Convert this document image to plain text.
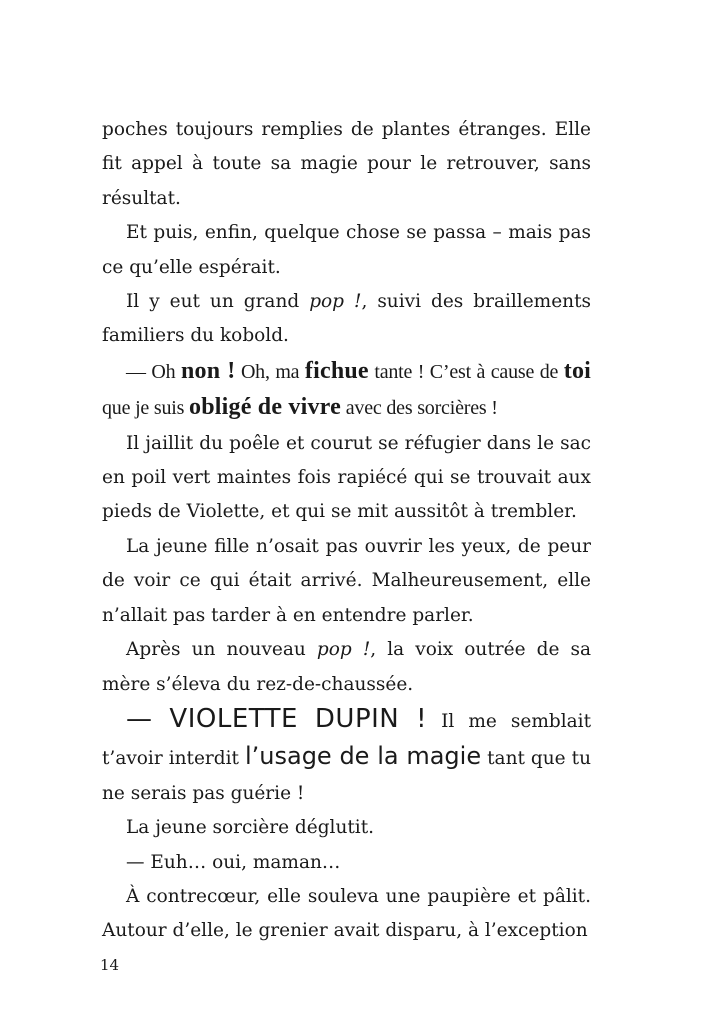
poches toujours remplies de plantes étranges. Elle fit appel à toute sa magie pour le retrouver, sans résultat.

Et puis, enfin, quelque chose se passa – mais pas ce qu’elle espérait.

Il y eut un grand pop !, suivi des braillements familiers du kobold.

— Oh non ! Oh, ma fichue tante ! C’est à cause de toi que je suis obligé de vivre avec des sorcières !

Il jaillit du poêle et courut se réfugier dans le sac en poil vert maintes fois rapiécé qui se trouvait aux pieds de Violette, et qui se mit aussitôt à trembler.

La jeune fille n’osait pas ouvrir les yeux, de peur de voir ce qui était arrivé. Malheureusement, elle n’allait pas tarder à en entendre parler.

Après un nouveau pop !, la voix outrée de sa mère s’éleva du rez-de-chaussée.

— VIOLETTE DUPIN ! Il me semblait t’avoir interdit l’usage de la magie tant que tu ne serais pas guérie !

La jeune sorcière déglutit.

— Euh… oui, maman…

À contrecœur, elle souleva une paupière et pâlit. Autour d’elle, le grenier avait disparu, à l’exception

14
